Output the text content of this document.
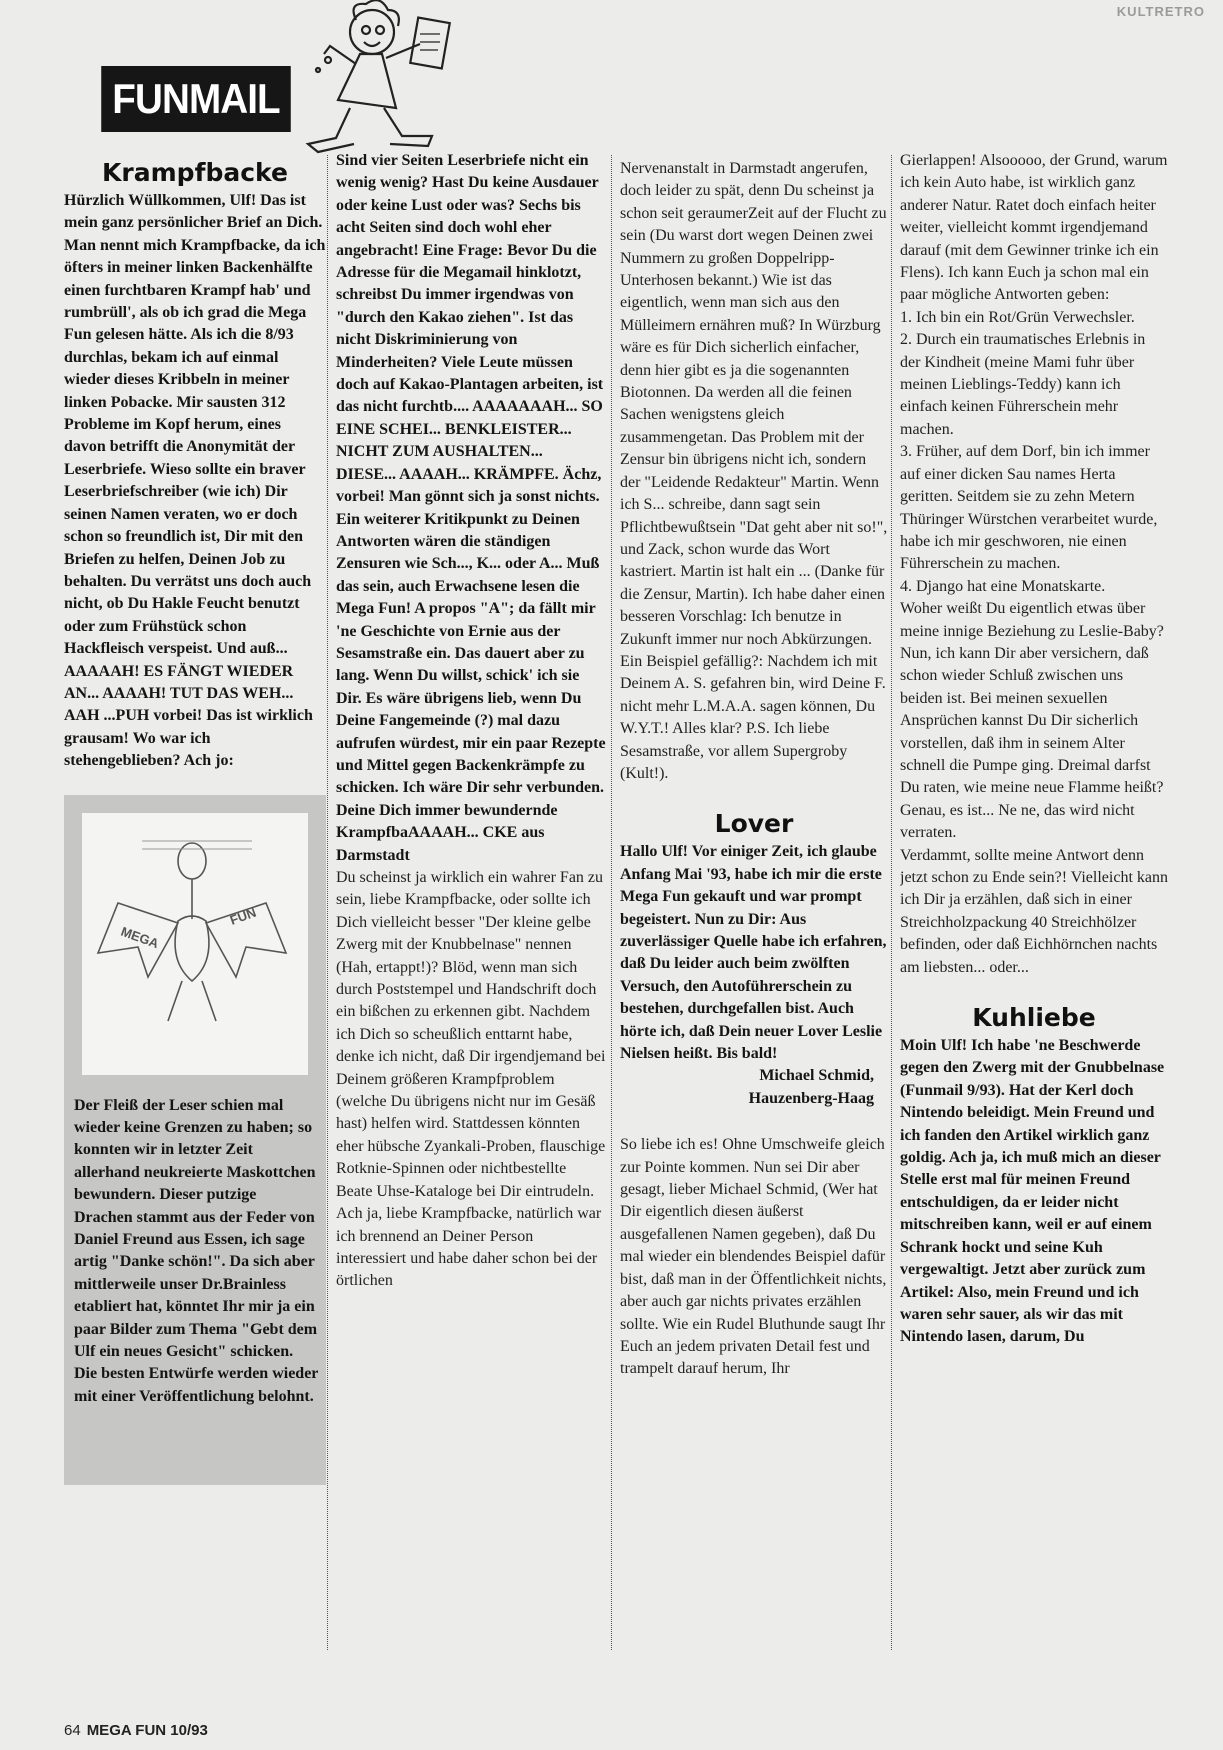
KULTRETRO
FUNMAIL
Krampfbacke

Hürzlich Wüllkommen, Ulf! Das ist mein ganz persönlicher Brief an Dich. Man nennt mich Krampfbacke, da ich öfters in meiner linken Backenhälfte einen furchtbaren Krampf hab' und rumbrüll', als ob ich grad die Mega Fun gelesen hätte. Als ich die 8/93 durchlas, bekam ich auf einmal wieder dieses Kribbeln in meiner linken Pobacke. Mir sausten 312 Probleme im Kopf herum, eines davon betrifft die Anonymität der Leserbriefe. Wieso sollte ein braver Leserbriefschreiber (wie ich) Dir seinen Namen veraten, wo er doch schon so freundlich ist, Dir mit den Briefen zu helfen, Deinen Job zu behalten. Du verrätst uns doch auch nicht, ob Du Hakle Feucht benutzt oder zum Frühstück schon Hackfleisch verspeist. Und auß... AAAAAH! ES FÄNGT WIEDER AN... AAAAH! TUT DAS WEH... AAH ...PUH vorbei! Das ist wirklich grausam! Wo war ich stehengeblieben? Ach jo:

MEGA
FUN
Der Fleiß der Leser schien mal wieder keine Grenzen zu haben; so konnten wir in letzter Zeit allerhand neukreierte Maskottchen bewundern. Dieser putzige Drachen stammt aus der Feder von Daniel Freund aus Essen, ich sage artig "Danke schön!". Da sich aber mittlerweile unser Dr.Brainless etabliert hat, könntet Ihr mir ja ein paar Bilder zum Thema "Gebt dem Ulf ein neues Gesicht" schicken. Die besten Entwürfe werden wieder mit einer Veröffentlichung belohnt.

Sind vier Seiten Leserbriefe nicht ein wenig wenig? Hast Du keine Ausdauer oder keine Lust oder was? Sechs bis acht Seiten sind doch wohl eher angebracht! Eine Frage: Bevor Du die Adresse für die Megamail hinklotzt, schreibst Du immer irgendwas von "durch den Kakao ziehen". Ist das nicht Diskriminierung von Minderheiten? Viele Leute müssen doch auf Kakao-Plantagen arbeiten, ist das nicht furchtb.... AAAAAAAH... SO EINE SCHEI... BENKLEISTER... NICHT ZUM AUSHALTEN... DIESE... AAAAH... KRÄMPFE. Ächz, vorbei! Man gönnt sich ja sonst nichts. Ein weiterer Kritikpunkt zu Deinen Antworten wären die ständigen Zensuren wie Sch..., K... oder A... Muß das sein, auch Erwachsene lesen die Mega Fun! A propos "A"; da fällt mir 'ne Geschichte von Ernie aus der Sesamstraße ein. Das dauert aber zu lang. Wenn Du willst, schick' ich sie Dir. Es wäre übrigens lieb, wenn Du Deine Fangemeinde (?) mal dazu aufrufen würdest, mir ein paar Rezepte und Mittel gegen Backenkrämpfe zu schicken. Ich wäre Dir sehr verbunden. Deine Dich immer bewundernde KrampfbaAAAAH... CKE aus Darmstadt

Du scheinst ja wirklich ein wahrer Fan zu sein, liebe Krampfbacke, oder sollte ich Dich vielleicht besser "Der kleine gelbe Zwerg mit der Knubbelnase" nennen (Hah, ertappt!)? Blöd, wenn man sich durch Poststempel und Handschrift doch ein bißchen zu erkennen gibt. Nachdem ich Dich so scheußlich enttarnt habe, denke ich nicht, daß Dir irgendjemand bei Deinem größeren Krampfproblem (welche Du übrigens nicht nur im Gesäß hast) helfen wird. Stattdessen könnten eher hübsche Zyankali-Proben, flauschige Rotknie-Spinnen oder nichtbestellte Beate Uhse-Kataloge bei Dir eintrudeln. Ach ja, liebe Krampfbacke, natürlich war ich brennend an Deiner Person interessiert und habe daher schon bei der örtlichen

Nervenanstalt in Darmstadt angerufen, doch leider zu spät, denn Du scheinst ja schon seit geraumerZeit auf der Flucht zu sein (Du warst dort wegen Deinen zwei Nummern zu großen Doppelripp-Unterhosen bekannt.) Wie ist das eigentlich, wenn man sich aus den Mülleimern ernähren muß? In Würzburg wäre es für Dich sicherlich einfacher, denn hier gibt es ja die sogenannten Biotonnen. Da werden all die feinen Sachen wenigstens gleich zusammengetan. Das Problem mit der Zensur bin übrigens nicht ich, sondern der "Leidende Redakteur" Martin. Wenn ich S... schreibe, dann sagt sein Pflichtbewußtsein "Dat geht aber nit so!", und Zack, schon wurde das Wort kastriert. Martin ist halt ein ... (Danke für die Zensur, Martin). Ich habe daher einen besseren Vorschlag: Ich benutze in Zukunft immer nur noch Abkürzungen. Ein Beispiel gefällig?: Nachdem ich mit Deinem A. S. gefahren bin, wird Deine F. nicht mehr L.M.A.A. sagen können, Du W.Y.T.! Alles klar? P.S. Ich liebe Sesamstraße, vor allem Supergroby (Kult!).

Lover

Hallo Ulf! Vor einiger Zeit, ich glaube Anfang Mai '93, habe ich mir die erste Mega Fun gekauft und war prompt begeistert. Nun zu Dir: Aus zuverlässiger Quelle habe ich erfahren, daß Du leider auch beim zwölften Versuch, den Autoführerschein zu bestehen, durchgefallen bist. Auch hörte ich, daß Dein neuer Lover Leslie Nielsen heißt. Bis bald!

Michael Schmid,

Hauzenberg-Haag

So liebe ich es! Ohne Umschweife gleich zur Pointe kommen. Nun sei Dir aber gesagt, lieber Michael Schmid, (Wer hat Dir eigentlich diesen äußerst ausgefallenen Namen gegeben), daß Du mal wieder ein blendendes Beispiel dafür bist, daß man in der Öffentlichkeit nichts, aber auch gar nichts privates erzählen sollte. Wie ein Rudel Bluthunde saugt Ihr Euch an jedem privaten Detail fest und trampelt darauf herum, Ihr

Gierlappen! Alsooooo, der Grund, warum ich kein Auto habe, ist wirklich ganz anderer Natur. Ratet doch einfach heiter weiter, vielleicht kommt irgendjemand darauf (mit dem Gewinner trinke ich ein Flens). Ich kann Euch ja schon mal ein paar mögliche Antworten geben:

1. Ich bin ein Rot/Grün Verwechsler.

2. Durch ein traumatisches Erlebnis in der Kindheit (meine Mami fuhr über meinen Lieblings-Teddy) kann ich einfach keinen Führerschein mehr machen.

3. Früher, auf dem Dorf, bin ich immer auf einer dicken Sau names Herta geritten. Seitdem sie zu zehn Metern Thüringer Würstchen verarbeitet wurde, habe ich mir geschworen, nie einen Führerschein zu machen.

4. Django hat eine Monatskarte.

Woher weißt Du eigentlich etwas über meine innige Beziehung zu Leslie-Baby? Nun, ich kann Dir aber versichern, daß schon wieder Schluß zwischen uns beiden ist. Bei meinen sexuellen Ansprüchen kannst Du Dir sicherlich vorstellen, daß ihm in seinem Alter schnell die Pumpe ging. Dreimal darfst Du raten, wie meine neue Flamme heißt? Genau, es ist... Ne ne, das wird nicht verraten.

Verdammt, sollte meine Antwort denn jetzt schon zu Ende sein?! Vielleicht kann ich Dir ja erzählen, daß sich in einer Streichholzpackung 40 Streichhölzer befinden, oder daß Eichhörnchen nachts am liebsten... oder...

Kuhliebe

Moin Ulf! Ich habe 'ne Beschwerde gegen den Zwerg mit der Gnubbelnase (Funmail 9/93). Hat der Kerl doch Nintendo beleidigt. Mein Freund und ich fanden den Artikel wirklich ganz goldig. Ach ja, ich muß mich an dieser Stelle erst mal für meinen Freund entschuldigen, da er leider nicht mitschreiben kann, weil er auf einem Schrank hockt und seine Kuh vergewaltigt. Jetzt aber zurück zum Artikel: Also, mein Freund und ich waren sehr sauer, als wir das mit Nintendo lasen, darum, Du

64 MEGA FUN 10/93
